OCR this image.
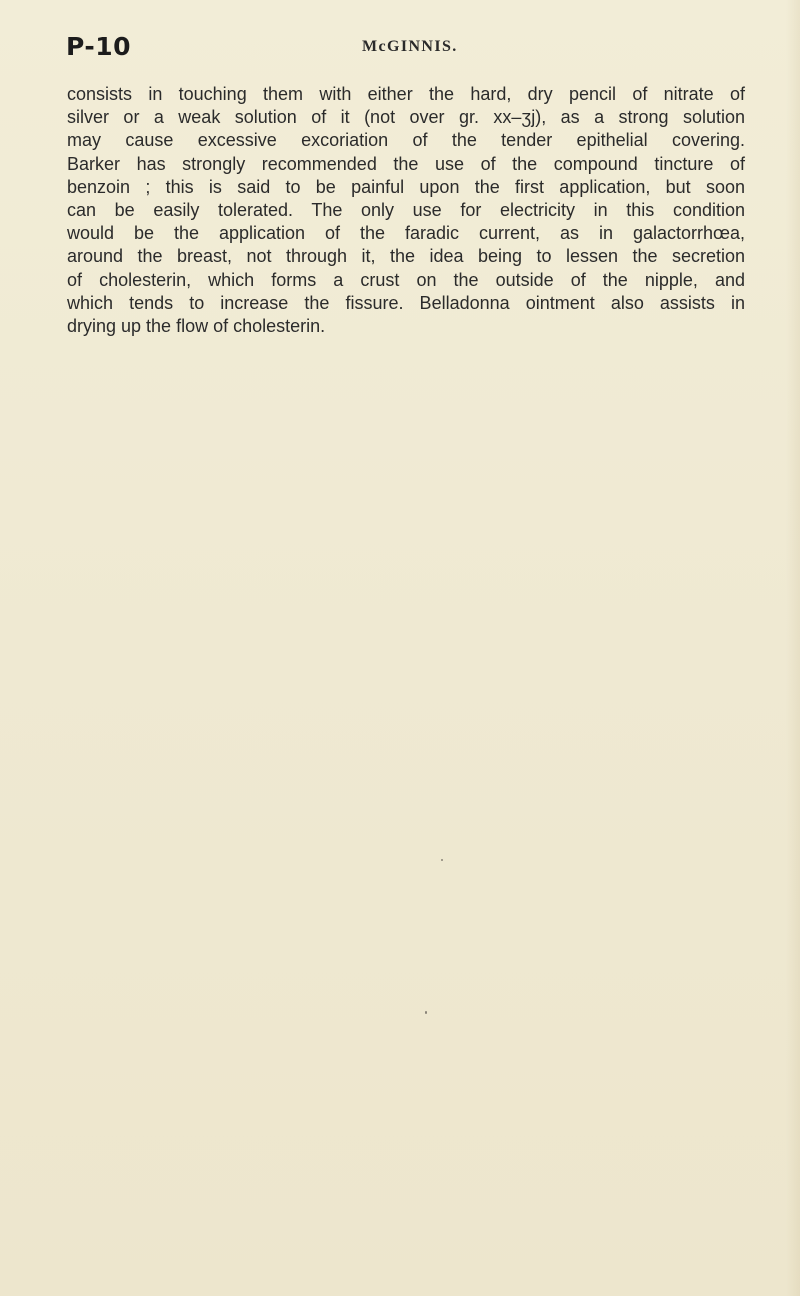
P-10	McGINNIS.

consists in touching them with either the hard, dry pencil of nitrate of
silver or a weak solution of it (not over gr. xx–ʒj), as a strong solution
may cause excessive excoriation of the tender epithelial covering.
Barker has strongly recommended the use of the compound tincture of
benzoin ; this is said to be painful upon the first application, but soon
can be easily tolerated. The only use for electricity in this condition
would be the application of the faradic current, as in galactorrhœa,
around the breast, not through it, the idea being to lessen the secretion
of cholesterin, which forms a crust on the outside of the nipple, and
which tends to increase the fissure. Belladonna ointment also assists in
drying up the flow of cholesterin.
